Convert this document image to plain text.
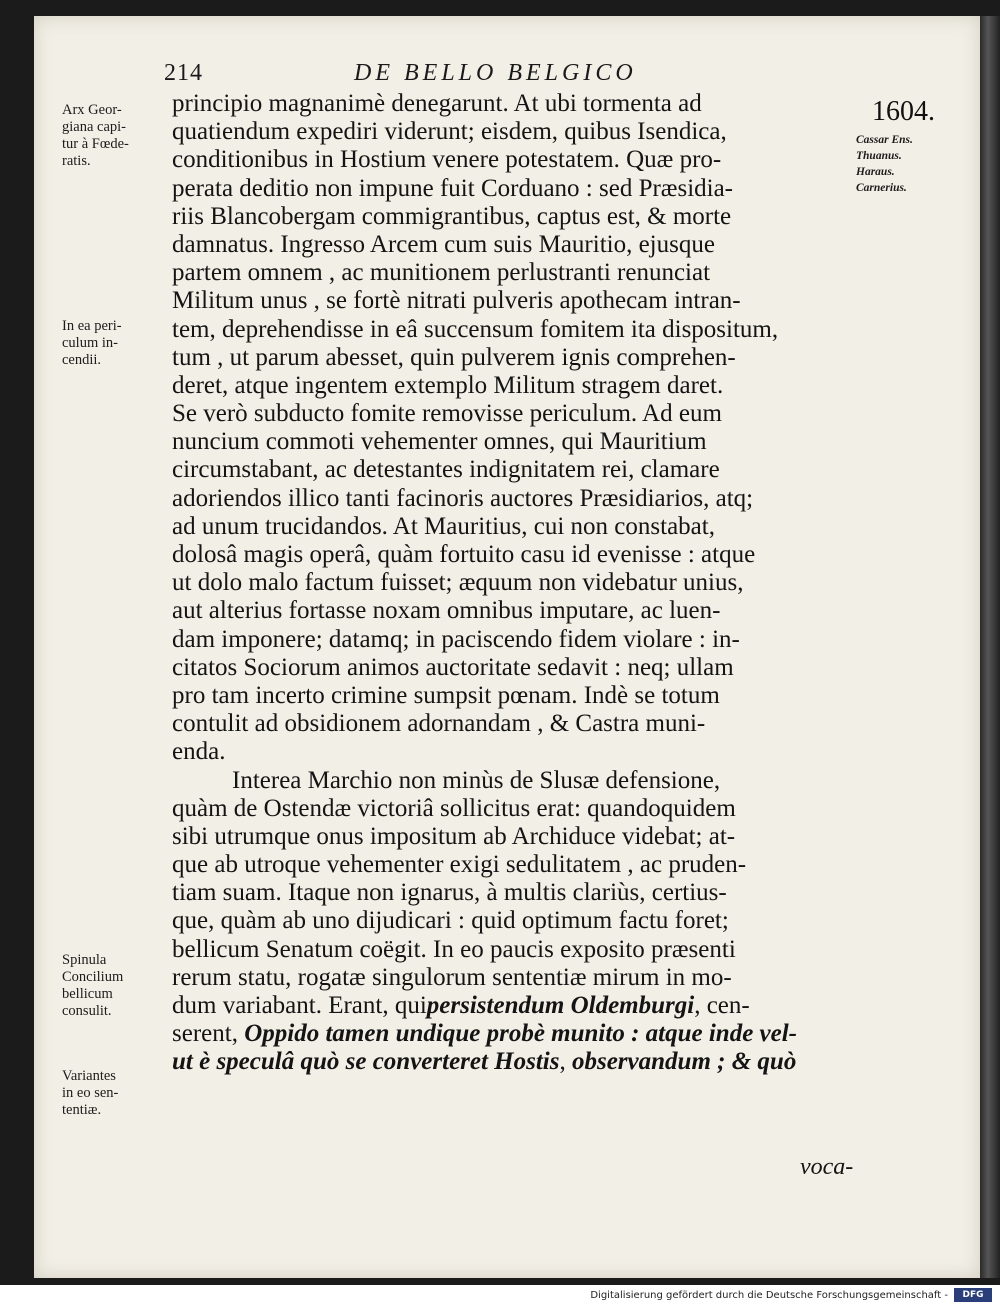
214	DE BELLO BELGICO
1604.
Arx Geor-
giana capi-
tur à Fœde-
ratis.
In ea peri-
culum in-
cendii.
Spinula
Concilium
bellicum
consulit.
Variantes
in eo sen-
tentiæ.
Cassar Ens.
Thuanus.
Haraus.
Carnerius.
principio magnanimè denegarunt. At ubi tormenta ad
quatiendum expediri viderunt; eisdem, quibus Isendica,
conditionibus in Hostium venere potestatem. Quæ pro-
perata deditio non impune fuit Corduano : sed Præsidia-
riis Blancobergam commigrantibus, captus est, & morte
damnatus. Ingresso Arcem cum suis Mauritio, ejusque
partem omnem , ac munitionem perlustranti renunciat
Militum unus , se fortè nitrati pulveris apothecam intran-
tem, deprehendisse in eâ succensum fomitem ita dispositum,
tum , ut parum abesset, quin pulverem ignis comprehen-
deret, atque ingentem extemplo Militum stragem daret.
Se verò subducto fomite removisse periculum. Ad eum
nuncium commoti vehementer omnes, qui Mauritium
circumstabant, ac detestantes indignitatem rei, clamare
adoriendos illico tanti facinoris auctores Præsidiarios, atq;
ad unum trucidandos. At Mauritius, cui non constabat,
dolosâ magis operâ, quàm fortuito casu id evenisse : atque
ut dolo malo factum fuisset; æquum non videbatur unius,
aut alterius fortasse noxam omnibus imputare, ac luen-
dam imponere; datamq; in paciscendo fidem violare : in-
citatos Sociorum animos auctoritate sedavit : neq; ullam
pro tam incerto crimine sumpsit pœnam. Indè se totum
contulit ad obsidionem adornandam , & Castra muni-
enda.
Interea Marchio non minùs de Slusæ defensione,
quàm de Ostendæ victoriâ sollicitus erat: quandoquidem
sibi utrumque onus impositum ab Archiduce videbat; at-
que ab utroque vehementer exigi sedulitatem , ac pruden-
tiam suam. Itaque non ignarus, à multis clariùs, certius-
que, quàm ab uno dijudicari : quid optimum factu foret;
bellicum Senatum coëgit. In eo paucis exposito præsenti
rerum statu, rogatæ singulorum sententiæ mirum in mo-
dum variabant. Erant, quipersistendum Oldemburgi, cen-
serent, Oppido tamen undique probè munito : atque inde vel-
ut è speculâ quò se converteret Hostis, observandum ; & quò
voca-
Digitalisierung gefördert durch die Deutsche Forschungsgemeinschaft -	DFG
